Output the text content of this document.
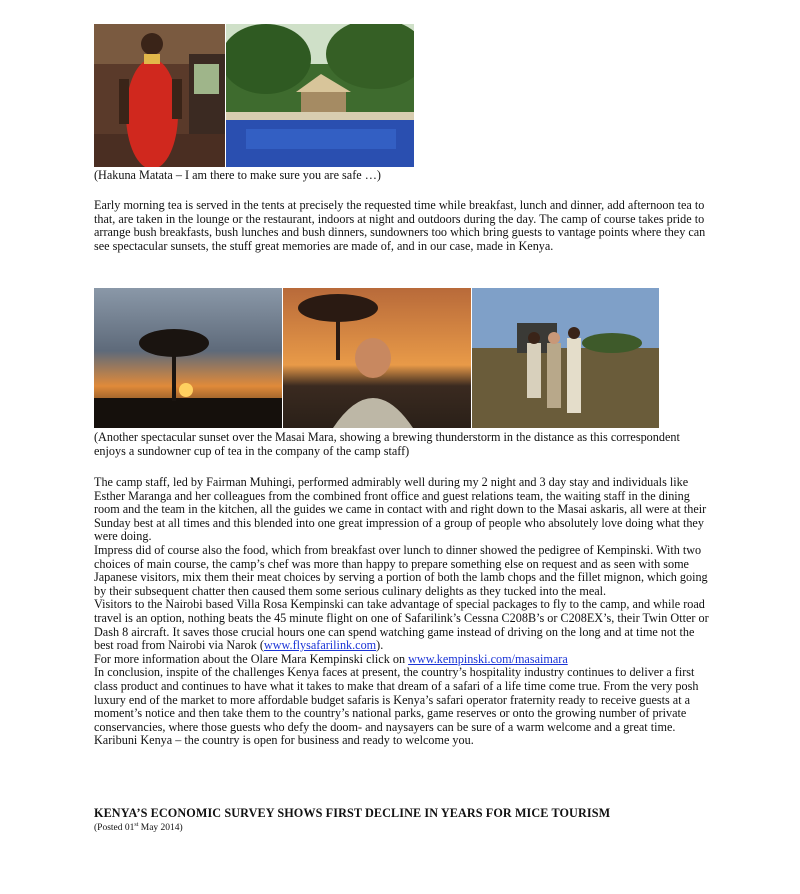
(Hakuna Matata – I am there to make sure you are safe …)
Early morning tea is served in the tents at precisely the requested time while breakfast, lunch and dinner, add afternoon tea to that, are taken in the lounge or the restaurant, indoors at night and outdoors during the day. The camp of course takes pride to arrange bush breakfasts, bush lunches and bush dinners, sundowners too which bring guests to vantage points where they can see spectacular sunsets, the stuff great memories are made of, and in our case, made in Kenya.
(Another spectacular sunset over the Masai Mara, showing a brewing thunderstorm in the distance as this correspondent enjoys a sundowner cup of tea in the company of the camp staff)

The camp staff, led by Fairman Muhingi, performed admirably well during my 2 night and 3 day stay and individuals like Esther Maranga and her colleagues from the combined front office and guest relations team, the waiting staff in the dining room and the team in the kitchen, all the guides we came in contact with and right down to the Masai askaris, all were at their Sunday best at all times and this blended into one great impression of a group of people who absolutely love doing what they were doing.

Impress did of course also the food, which from breakfast over lunch to dinner showed the pedigree of Kempinski. With two choices of main course, the camp’s chef was more than happy to prepare something else on request and as seen with some Japanese visitors, mix them their meat choices by serving a portion of both the lamb chops and the fillet mignon, which going by their subsequent chatter then caused them some serious culinary delights as they tucked into the meal.

Visitors to the Nairobi based Villa Rosa Kempinski can take advantage of special packages to fly to the camp, and while road travel is an option, nothing beats the 45 minute flight on one of Safarilink’s Cessna C208B’s or C208EX’s, their Twin Otter or Dash 8 aircraft. It saves those crucial hours one can spend watching game instead of driving on the long and at time not the best road from Nairobi via Narok (www.flysafarilink.com).

For more information about the Olare Mara Kempinski click on www.kempinski.com/masaimara

In conclusion, inspite of the challenges Kenya faces at present, the country’s hospitality industry continues to deliver a first class product and continues to have what it takes to make that dream of a safari of a life time come true. From the very posh luxury end of the market to more affordable budget safaris is Kenya’s safari operator fraternity ready to receive guests at a moment’s notice and then take them to the country’s national parks, game reserves or onto the growing number of private conservancies, where those guests who defy the doom- and naysayers can be sure of a warm welcome and a great time. Karibuni Kenya – the country is open for business and ready to welcome you.

KENYA’S ECONOMIC SURVEY SHOWS FIRST DECLINE IN YEARS FOR MICE TOURISM
(Posted 01st May 2014)
